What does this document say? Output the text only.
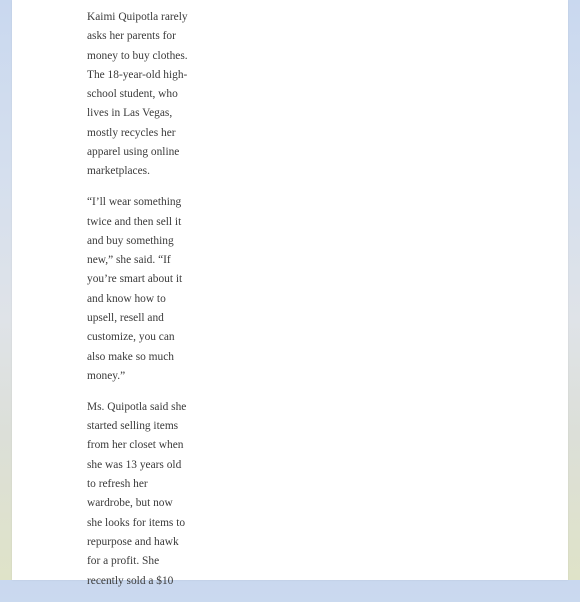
Kaimi Quipotla rarely
asks her parents for
money to buy clothes.
The 18-year-old high-
school student, who
lives in Las Vegas,
mostly recycles her
apparel using online
marketplaces.

“I’ll wear something
twice and then sell it
and buy something
new,” she said. “If
you’re smart about it
and know how to
upsell, resell and
customize, you can
also make so much
money.”

Ms. Quipotla said she
started selling items
from her closet when
she was 13 years old
to refresh her
wardrobe, but now
she looks for items to
repurpose and hawk
for a profit. She
recently sold a $10
